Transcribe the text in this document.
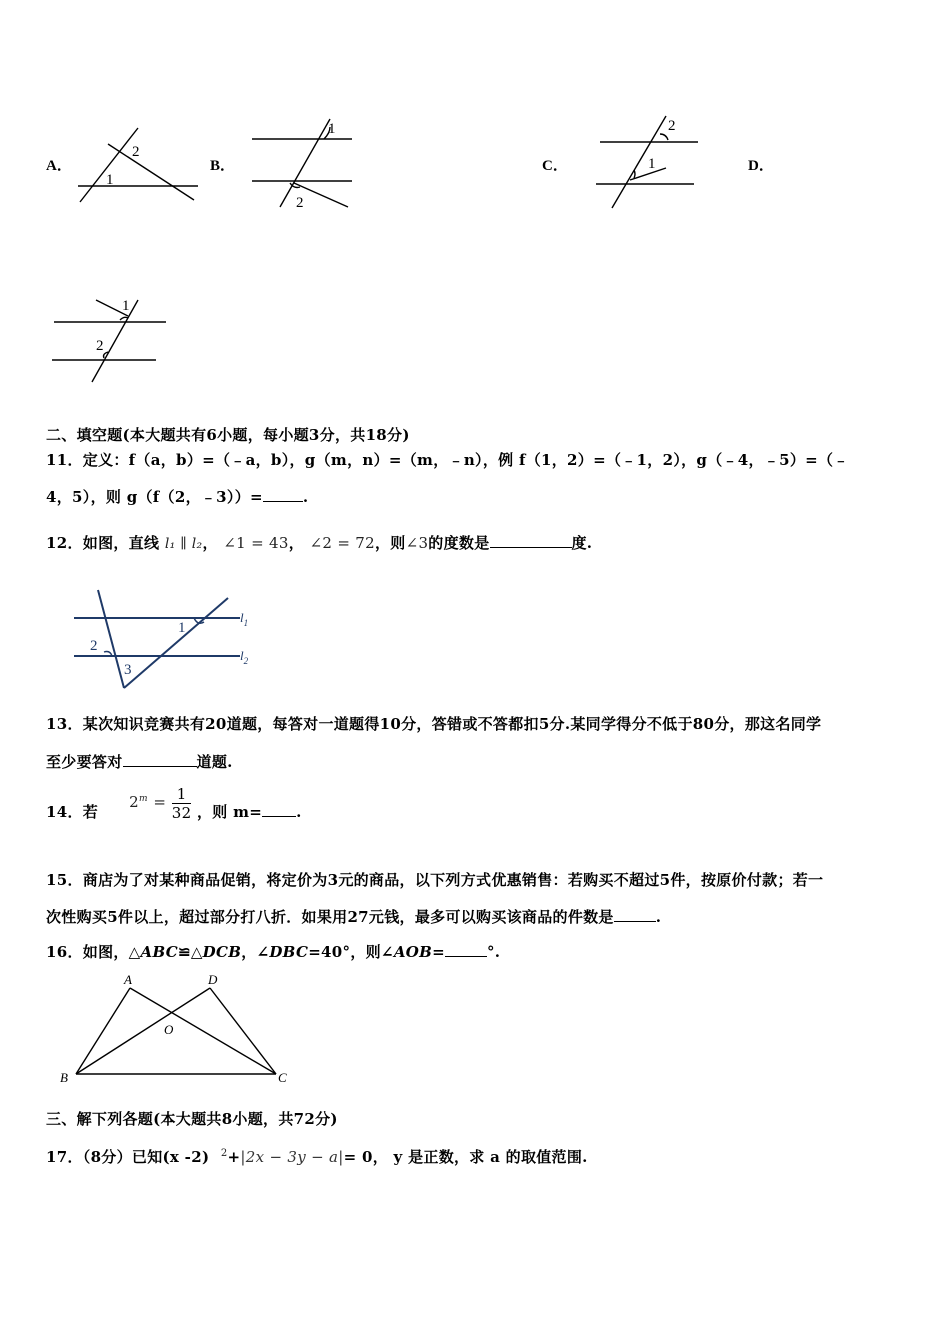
A．
2
1
B．
1
2
C．
2
1	D．
1
2
二、填空题(本大题共有6小题，每小题3分，共18分)
11．定义：f（a，b）=（﹣a，b），g（m，n）=（m，﹣n），例 f（1，2）=（﹣1，2），g（﹣4，﹣5）=（﹣
4，5），则 g（f（2，﹣3））=	.
12．如图，直线 l₁ ∥ l₂， ∠1 = 43， ∠2 = 72，则∠3的度数是	度.
1
2
3
$l_1$
$l_2$
13．某次知识竞赛共有20道题，每答对一道题得10分，答错或不答都扣5分.某同学得分不低于80分，那这名同学
至少要答对	道题.
14．若  $2^m = \frac{1}{32}$ ，则 m= .
15．商店为了对某种商品促销，将定价为3元的商品，以下列方式优惠销售：若购买不超过5件，按原价付款；若一
次性购买5件以上，超过部分打八折．如果用27元钱，最多可以购买该商品的件数是	.
16．如图，△ABC≌△DCB，∠DBC=40°，则∠AOB=	°.
A	D
O
B	C
三、解下列各题(本大题共8小题，共72分)
17．（8分）已知(x -2) $^2$+|2x − 3y − a|= 0， y 是正数，求 a 的取值范围.
